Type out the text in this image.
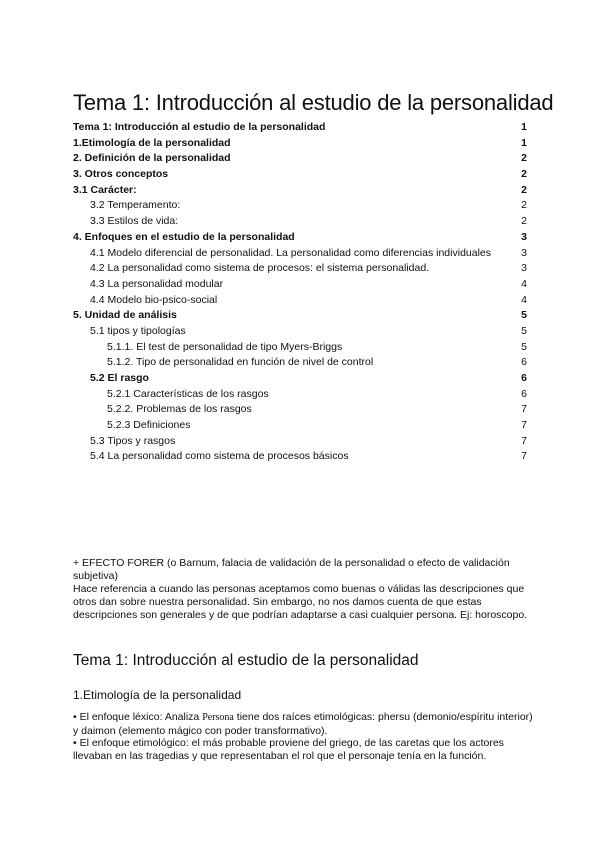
Tema 1: Introducción al estudio de la personalidad
Tema 1: Introducción al estudio de la personalidad	1
1.Etimología de la personalidad	1
2. Definición de la personalidad	2
3. Otros conceptos	2
3.1 Carácter:	2
3.2 Temperamento:	2
3.3 Estilos de vida:	2
4. Enfoques en el estudio de la personalidad	3
4.1 Modelo diferencial de personalidad. La personalidad como diferencias individuales	3
4.2 La personalidad como sistema de procesos: el sistema personalidad.	3
4.3 La personalidad modular	4
4.4 Modelo bio-psico-social	4
5. Unidad de análisis	5
5.1 tipos y tipologías	5
5.1.1. El test de personalidad de tipo Myers-Briggs	5
5.1.2. Tipo de personalidad en función de nivel de control	6
5.2 El rasgo	6
5.2.1 Características de los rasgos	6
5.2.2. Problemas de los rasgos	7
5.2.3 Definiciones	7
5.3 Tipos y rasgos	7
5.4 La personalidad como sistema de procesos básicos	7

+ EFECTO FORER (o Barnum, falacia de validación de la personalidad o efecto de validación subjetiva)

Hace referencia a cuando las personas aceptamos como buenas o válidas las descripciones que otros dan sobre nuestra personalidad. Sin embargo, no nos damos cuenta de que estas descripciones son generales y de que podrían adaptarse a casi cualquier persona. Ej: horoscopo.

Tema 1: Introducción al estudio de la personalidad
1.Etimología de la personalidad

• El enfoque léxico: Analiza Persona tiene dos raíces etimológicas: phersu (demonio/espíritu interior) y daimon (elemento mágico con poder transformativo).

• El enfoque etimológico: el más probable proviene del griego, de las caretas que los actores llevaban en las tragedias y que representaban el rol que el personaje tenía en la función.
